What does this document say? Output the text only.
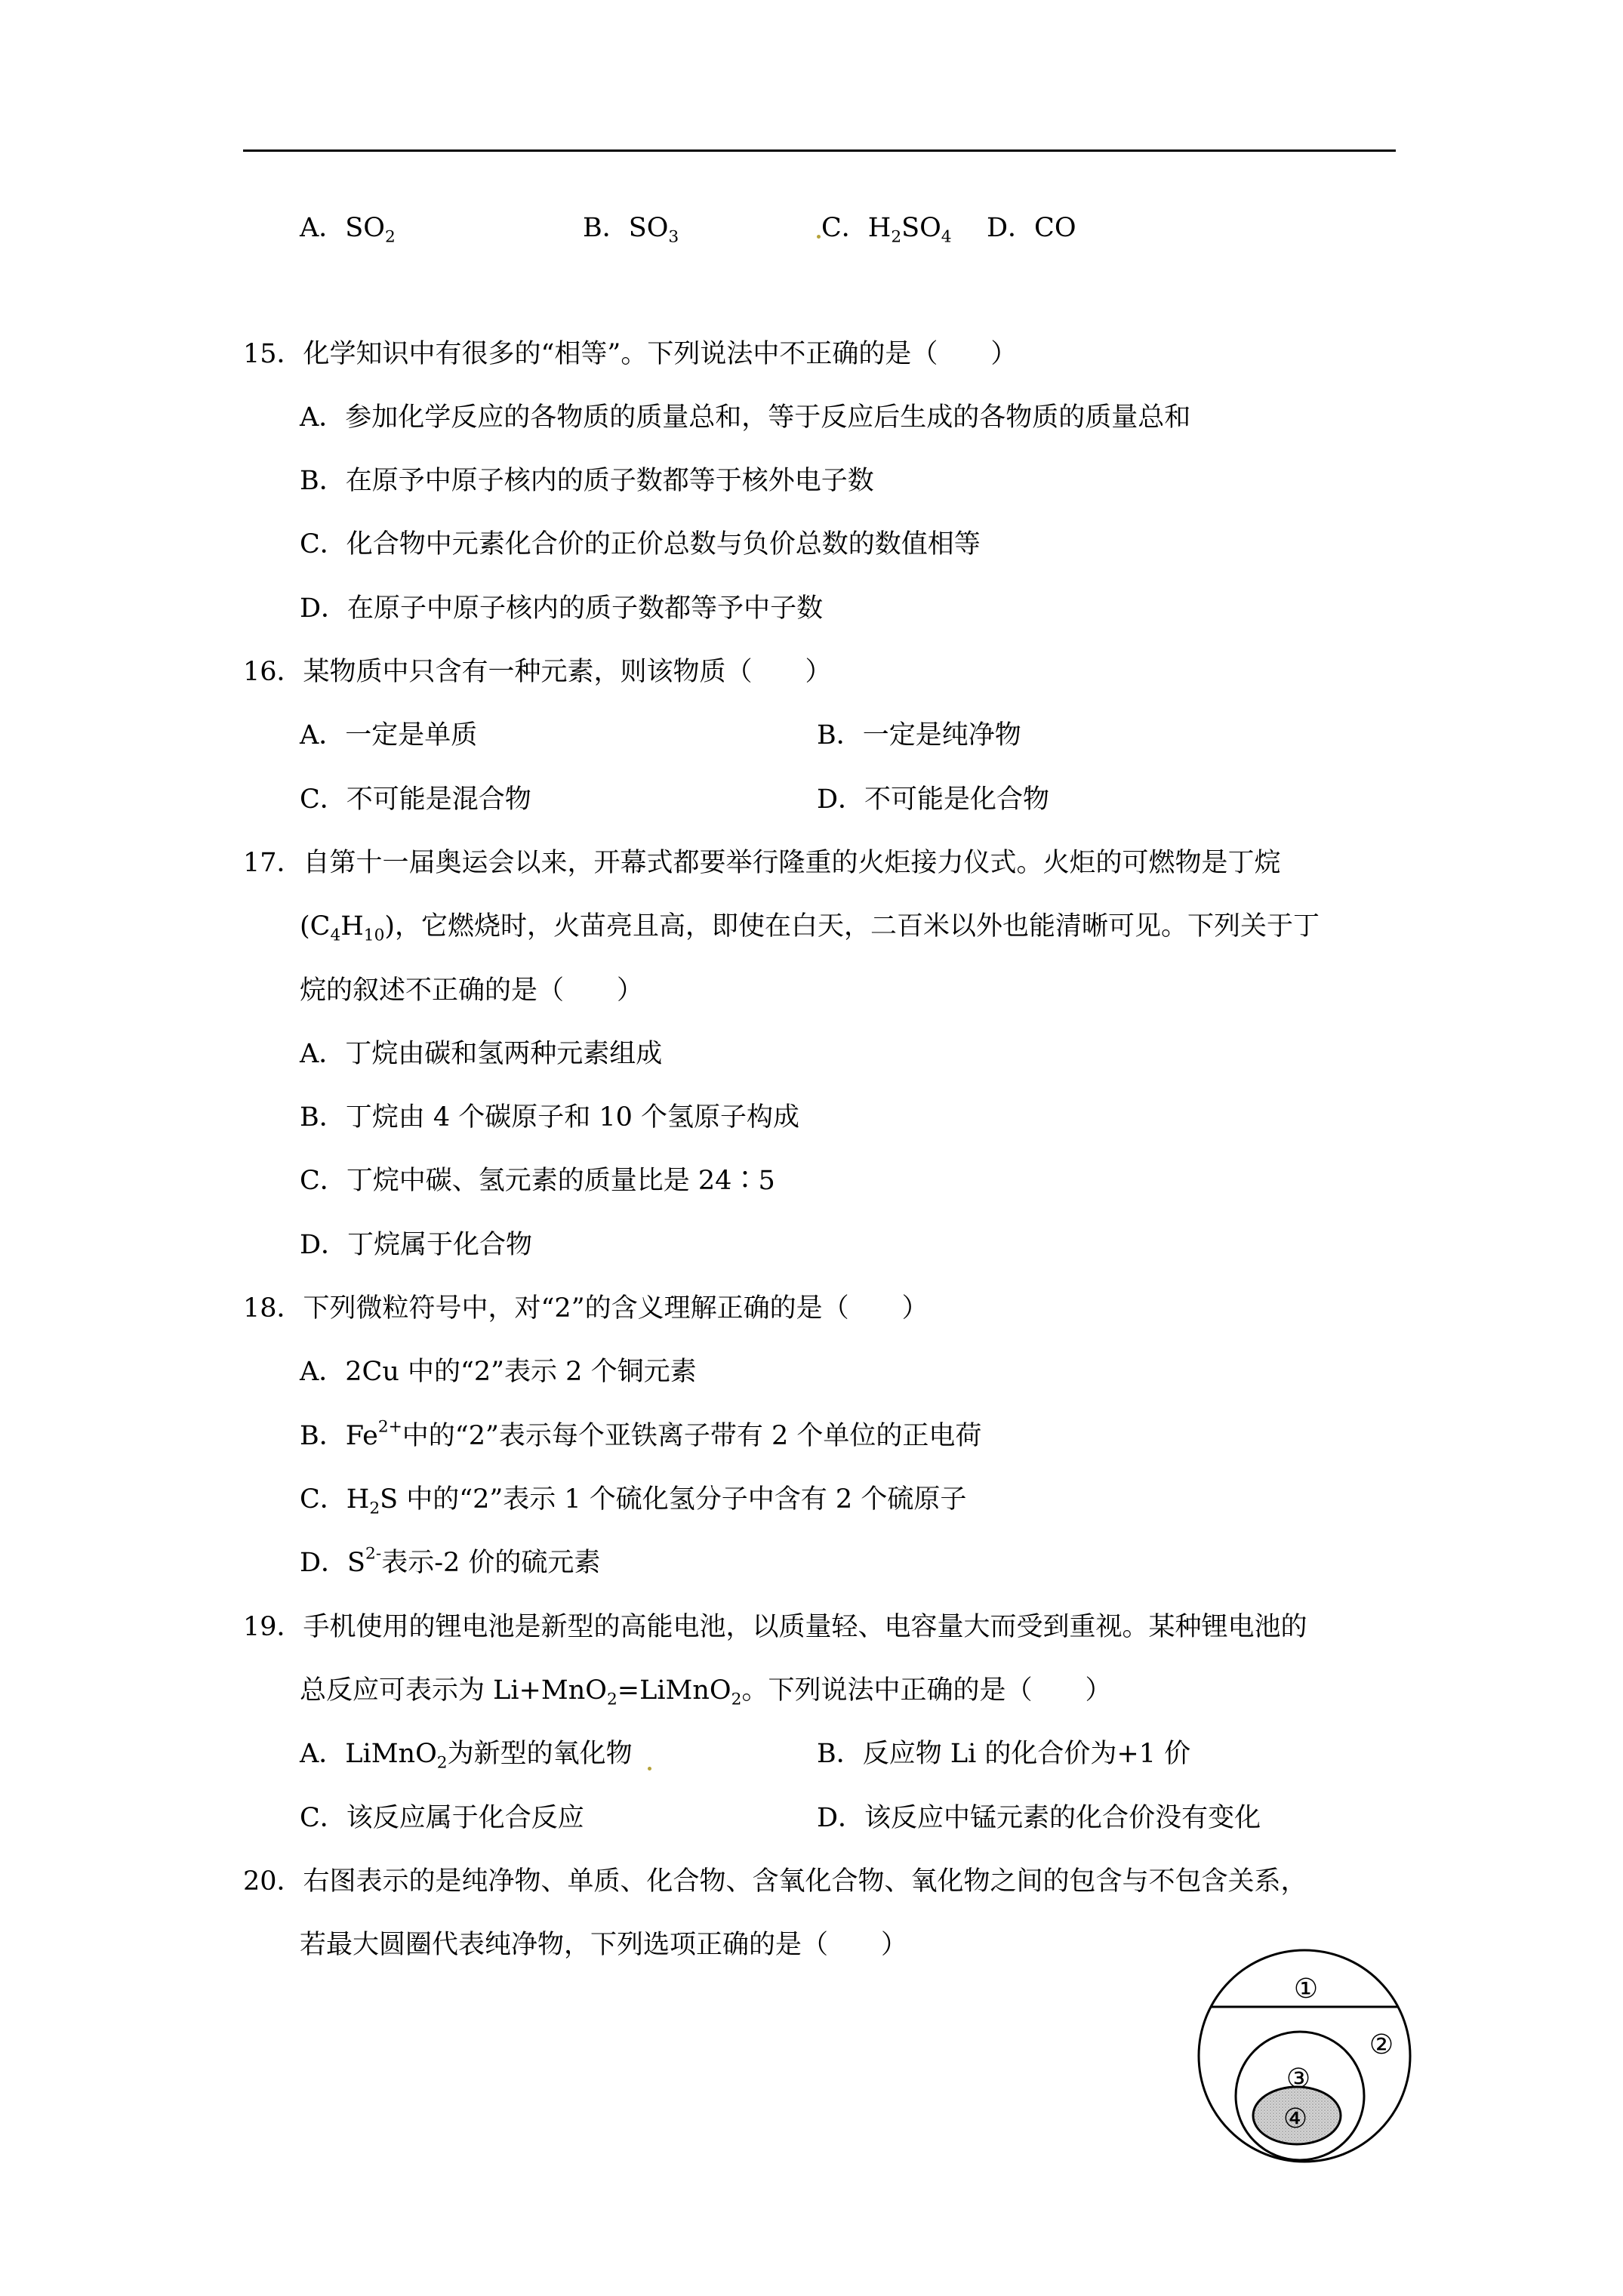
A．$SO_2$	B．$SO_3$	C．$H_2SO_4$ D．CO
15．化学知识中有很多的“相等”。下列说法中不正确的是（　　）
A．参加化学反应的各物质的质量总和，等于反应后生成的各物质的质量总和
B．在原予中原子核内的质子数都等于核外电子数
C．化合物中元素化合价的正价总数与负价总数的数值相等
D．在原子中原子核内的质子数都等予中子数
16．某物质中只含有一种元素，则该物质（　　）
A．一定是单质	B．一定是纯净物
C．不可能是混合物	D．不可能是化合物
17．自第十一届奥运会以来，开幕式都要举行隆重的火炬接力仪式。火炬的可燃物是丁烷
$(C_4H_{10})$，它燃烧时，火苗亮且高，即使在白天，二百米以外也能清晰可见。下列关于丁
烷的叙述不正确的是（　　）
A．丁烷由碳和氢两种元素组成
B．丁烷由 4 个碳原子和 10 个氢原子构成
C．丁烷中碳、氢元素的质量比是 24∶5
D．丁烷属于化合物
18．下列微粒符号中，对“2”的含义理解正确的是（　　）
A．2Cu 中的“2”表示 2 个铜元素
B．$Fe^{2+}$中的“2”表示每个亚铁离子带有 2 个单位的正电荷
C．$H_2S$ 中的“2”表示 1 个硫化氢分子中含有 2 个硫原子
D．$S^{2-}$表示-2 价的硫元素
19．手机使用的锂电池是新型的高能电池，以质量轻、电容量大而受到重视。某种锂电池的
总反应可表示为 Li+MnO$_2$=LiMnO$_2$。下列说法中正确的是（　　）
A．LiMnO$_2$为新型的氧化物	B．反应物 Li 的化合价为+1 价
C．该反应属于化合反应	D．该反应中锰元素的化合价没有变化
20．右图表示的是纯净物、单质、化合物、含氧化合物、氧化物之间的包含与不包含关系，
若最大圆圈代表纯净物，下列选项正确的是（　　）
①
②
③
④
